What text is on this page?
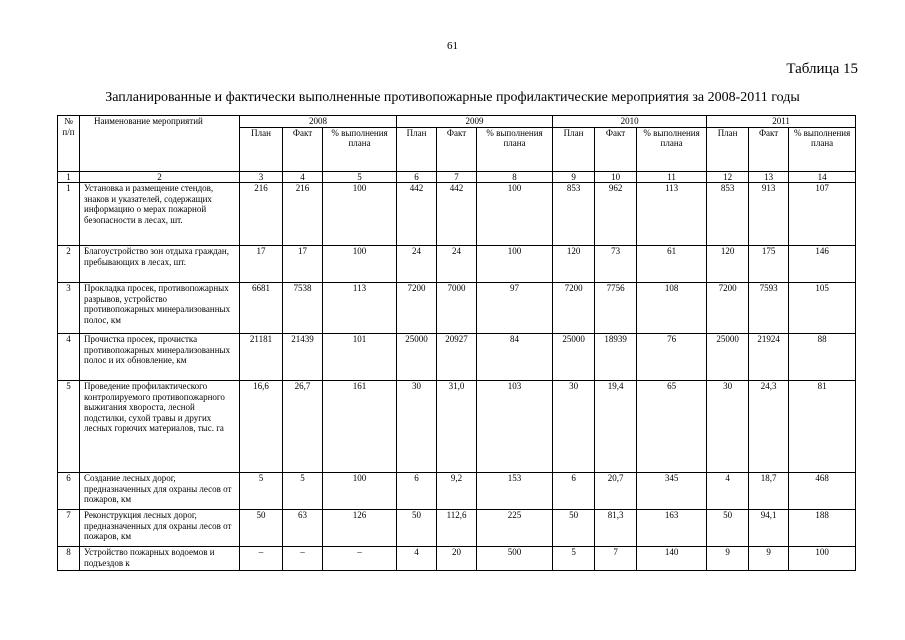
61
Таблица 15
Запланированные и фактически выполненные противопожарные профилактические мероприятия за 2008-2011 годы
№ п/п	Наименование мероприятий	2008			2009			2010			2011		
		План	Факт	% выполнения плана	План	Факт	% выполнения плана	План	Факт	% выполнения плана	План	Факт	% выполнения плана
1	2	3	4	5	6	7	8	9	10	11	12	13	14
1	Установка и размещение стендов, знаков и указателей, содержащих информацию о мерах пожарной безопасности в лесах, шт.	216	216	100	442	442	100	853	962	113	853	913	107
2	Благоустройство зон отдыха граждан, пребывающих в лесах, шт.	17	17	100	24	24	100	120	73	61	120	175	146
3	Прокладка просек, противопожарных разрывов, устройство противопожарных минерализованных полос, км	6681	7538	113	7200	7000	97	7200	7756	108	7200	7593	105
4	Прочистка просек, прочистка противопожарных минерализованных полос и их обновление, км	21181	21439	101	25000	20927	84	25000	18939	76	25000	21924	88
5	Проведение профилактического контролируемого противопожарного выжигания хвороста, лесной подстилки, сухой травы и других лесных горючих материалов, тыс. га	16,6	26,7	161	30	31,0	103	30	19,4	65	30	24,3	81
6	Создание лесных дорог, предназначенных для охраны лесов от пожаров, км	5	5	100	6	9,2	153	6	20,7	345	4	18,7	468
7	Реконструкция лесных дорог, предназначенных для охраны лесов от пожаров, км	50	63	126	50	112,6	225	50	81,3	163	50	94,1	188
8	Устройство пожарных водоемов и подъездов к	–	–	–	4	20	500	5	7	140	9	9	100
